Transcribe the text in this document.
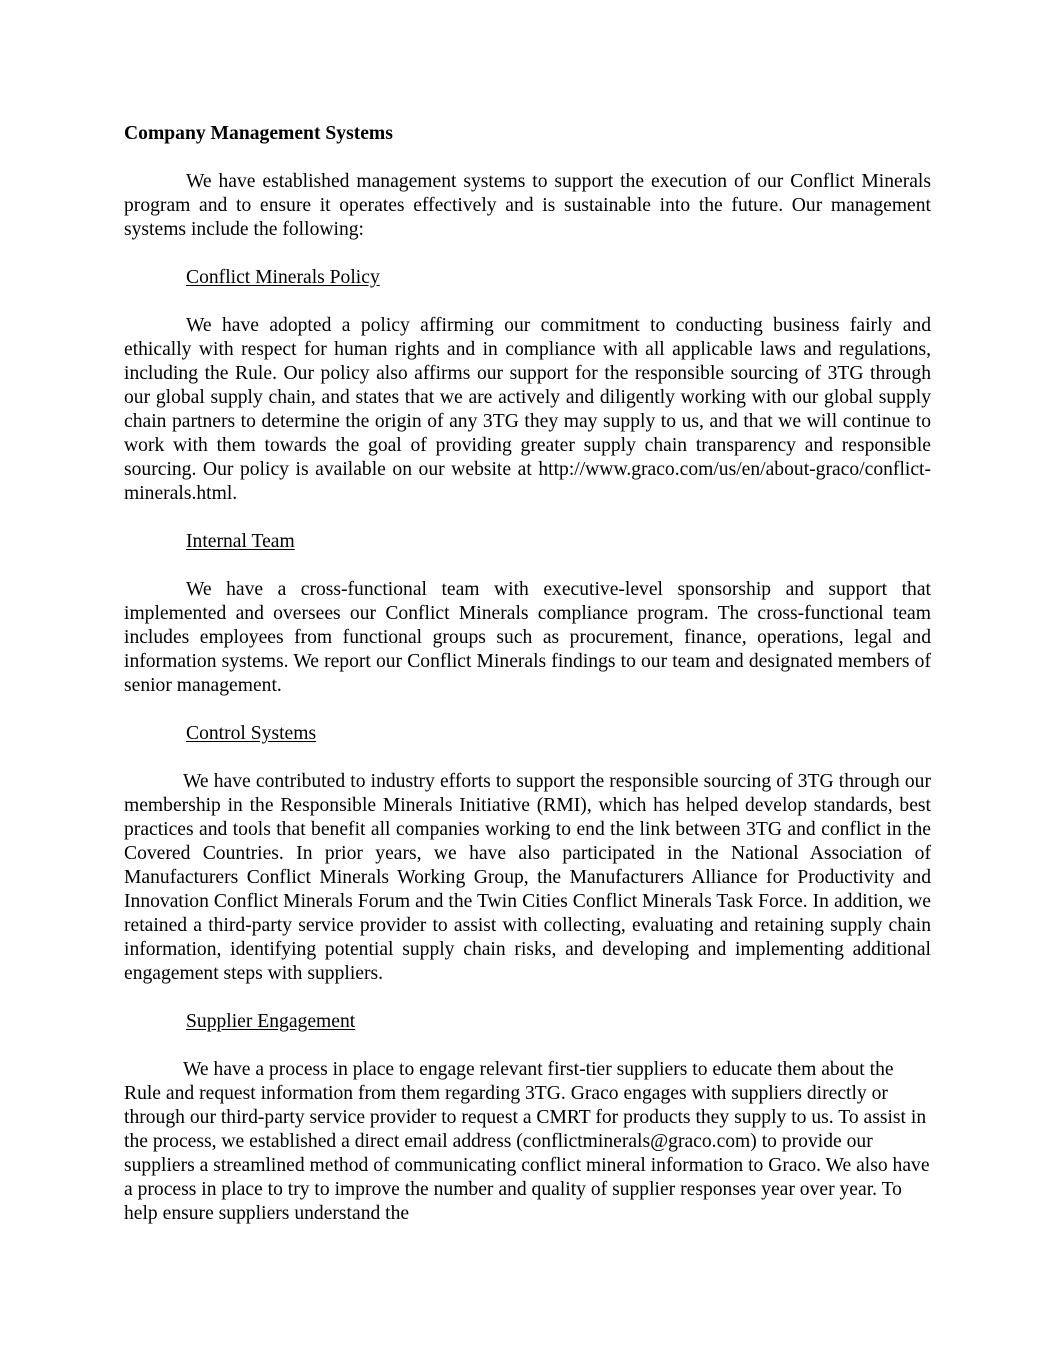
Company Management Systems

We have established management systems to support the execution of our Conflict Minerals program and to ensure it operates effectively and is sustainable into the future. Our management systems include the following:

Conflict Minerals Policy

We have adopted a policy affirming our commitment to conducting business fairly and ethically with respect for human rights and in compliance with all applicable laws and regulations, including the Rule. Our policy also affirms our support for the responsible sourcing of 3TG through our global supply chain, and states that we are actively and diligently working with our global supply chain partners to determine the origin of any 3TG they may supply to us, and that we will continue to work with them towards the goal of providing greater supply chain transparency and responsible sourcing. Our policy is available on our website at http://www.graco.com/us/en/about-graco/conflict-minerals.html.

Internal Team

We have a cross-functional team with executive-level sponsorship and support that implemented and oversees our Conflict Minerals compliance program. The cross-functional team includes employees from functional groups such as procurement, finance, operations, legal and information systems. We report our Conflict Minerals findings to our team and designated members of senior management.

Control Systems

We have contributed to industry efforts to support the responsible sourcing of 3TG through our membership in the Responsible Minerals Initiative (RMI), which has helped develop standards, best practices and tools that benefit all companies working to end the link between 3TG and conflict in the Covered Countries. In prior years, we have also participated in the National Association of Manufacturers Conflict Minerals Working Group, the Manufacturers Alliance for Productivity and Innovation Conflict Minerals Forum and the Twin Cities Conflict Minerals Task Force. In addition, we retained a third-party service provider to assist with collecting, evaluating and retaining supply chain information, identifying potential supply chain risks, and developing and implementing additional engagement steps with suppliers.

Supplier Engagement

We have a process in place to engage relevant first-tier suppliers to educate them about the Rule and request information from them regarding 3TG. Graco engages with suppliers directly or through our third-party service provider to request a CMRT for products they supply to us. To assist in the process, we established a direct email address (conflictminerals@graco.com) to provide our suppliers a streamlined method of communicating conflict mineral information to Graco. We also have a process in place to try to improve the number and quality of supplier responses year over year. To help ensure suppliers understand the
